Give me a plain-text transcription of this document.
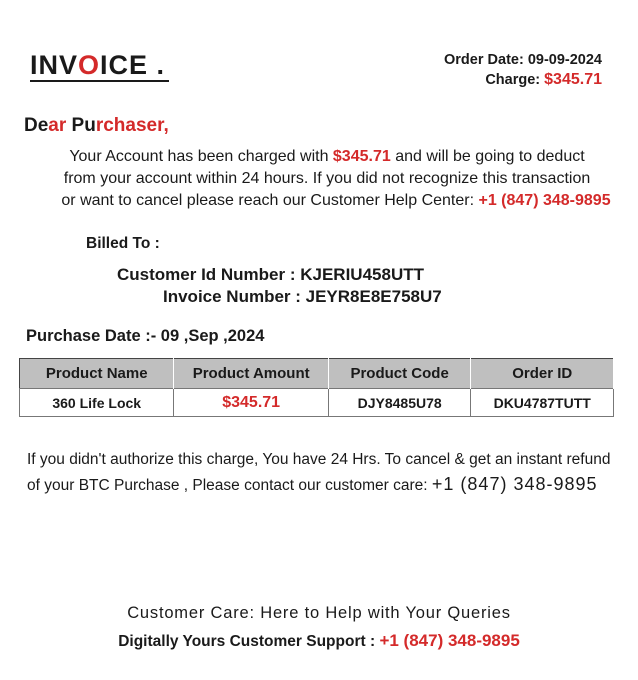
INVOICE .	Order Date: 09-09-2024
Charge: $345.71
Dear Purchaser,
Your Account has been charged with $345.71 and will be going to deduct
from your account within 24 hours. If you did not recognize this transaction
or want to cancel please reach our Customer Help Center: +1 (847) 348-9895
Billed To :
Customer Id Number : KJERIU458UTT
Invoice Number : JEYR8E8E758U7
Purchase Date :- 09 ,Sep ,2024
Product Name	Product Amount	Product Code	Order ID
360 Life Lock	$345.71	DJY8485U78	DKU4787TUTT
If you didn't authorize this charge, You have 24 Hrs. To cancel & get an instant refund
of your BTC Purchase , Please contact our customer care: +1 (847) 348-9895
Customer Care: Here to Help with Your Queries
Digitally Yours Customer Support : +1 (847) 348-9895
